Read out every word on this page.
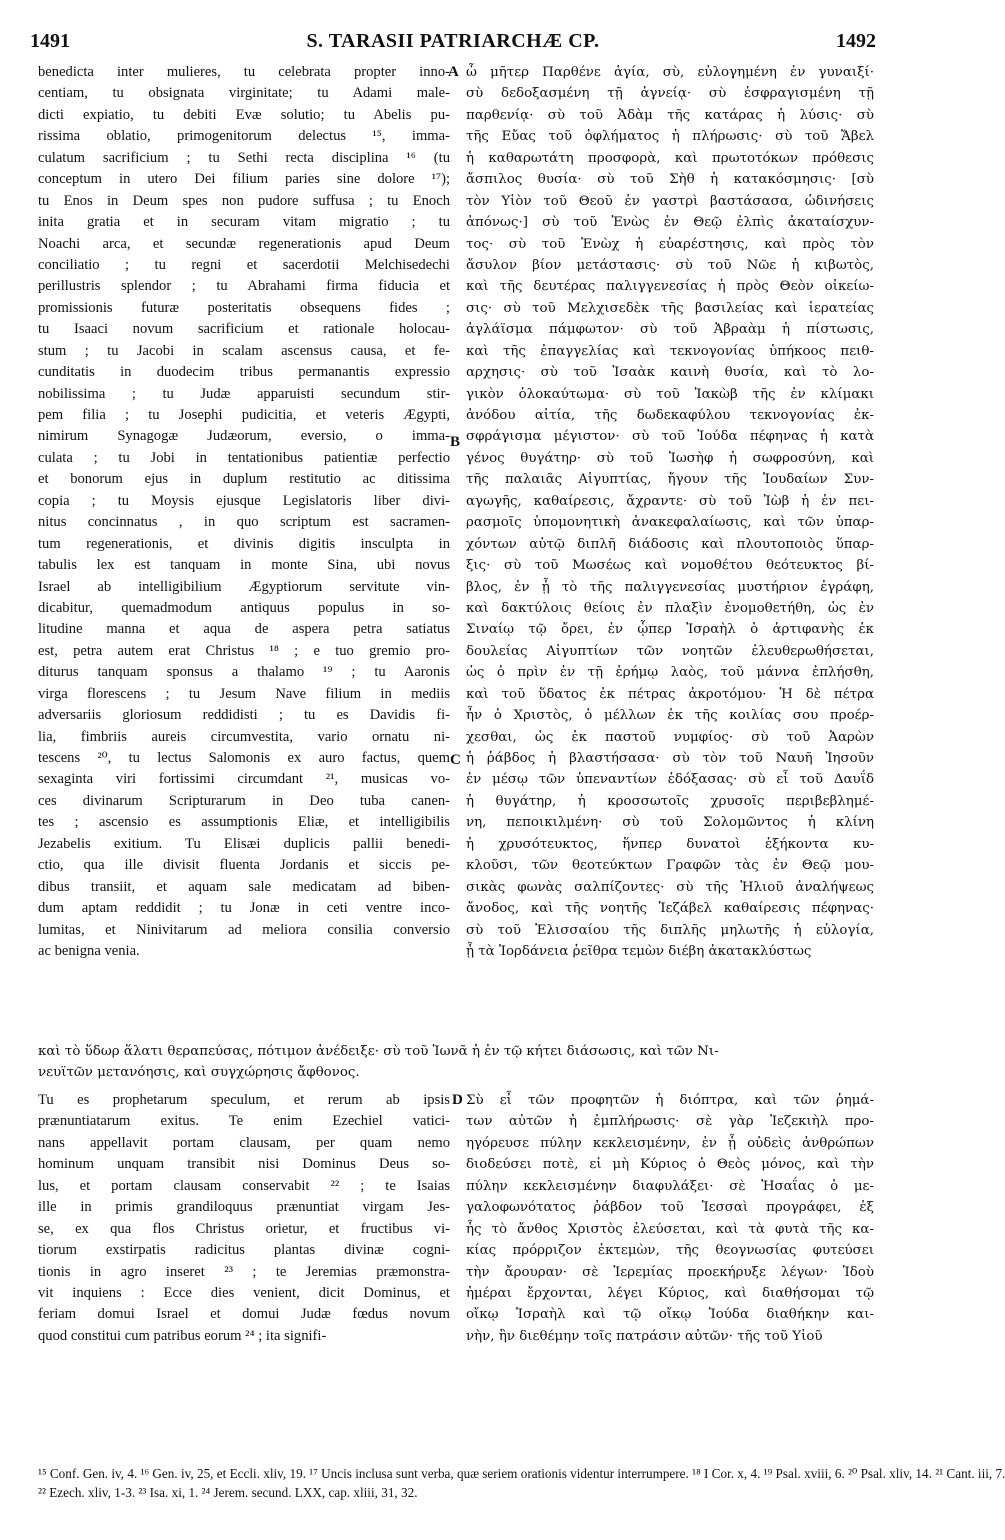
1491	S. TARASII PATRIARCHÆ CP.	1492
A
B
C
D
benedicta inter mulieres, tu celebrata propter inno-
centiam, tu obsignata virginitate; tu Adami male-
dicti expiatio, tu debiti Evæ solutio; tu Abelis pu-
rissima oblatio, primogenitorum delectus ¹⁵, imma-
culatum sacrificium ; tu Sethi recta disciplina ¹⁶ (tu
conceptum in utero Dei filium paries sine dolore ¹⁷);
tu Enos in Deum spes non pudore suffusa ; tu Enoch
inita gratia et in securam vitam migratio ; tu
Noachi arca, et secundæ regenerationis apud Deum
conciliatio ; tu regni et sacerdotii Melchisedechi
perillustris splendor ; tu Abrahami firma fiducia et
promissionis futuræ posteritatis obsequens fides ;
tu Isaaci novum sacrificium et rationale holocau-
stum ; tu Jacobi in scalam ascensus causa, et fe-
cunditatis in duodecim tribus permanantis expressio
nobilissima ; tu Judæ apparuisti secundum stir-
pem filia ; tu Josephi pudicitia, et veteris Ægypti,
nimirum Synagogæ Judæorum, eversio, o imma-
culata ; tu Jobi in tentationibus patientiæ perfectio
et bonorum ejus in duplum restitutio ac ditissima
copia ; tu Moysis ejusque Legislatoris liber divi-
nitus concinnatus , in quo scriptum est sacramen-
tum regenerationis, et divinis digitis insculpta in
tabulis lex est tanquam in monte Sina, ubi novus
Israel ab intelligibilium Ægyptiorum servitute vin-
dicabitur, quemadmodum antiquus populus in so-
litudine manna et aqua de aspera petra satiatus
est, petra autem erat Christus ¹⁸ ; e tuo gremio pro-
diturus tanquam sponsus a thalamo ¹⁹ ; tu Aaronis
virga florescens ; tu Jesum Nave filium in mediis
adversariis gloriosum reddidisti ; tu es Davidis fi-
lia, fimbriis aureis circumvestita, vario ornatu ni-
tescens ²⁰, tu lectus Salomonis ex auro factus, quem
sexaginta viri fortissimi circumdant ²¹, musicas vo-
ces divinarum Scripturarum in Deo tuba canen-
tes ; ascensio es assumptionis Eliæ, et intelligibilis
Jezabelis exitium. Tu Elisæi duplicis pallii benedi-
ctio, qua ille divisit fluenta Jordanis et siccis pe-
dibus transiit, et aquam sale medicatam ad biben-
dum aptam reddidit ; tu Jonæ in ceti ventre inco-
lumitas, et Ninivitarum ad meliora consilia conversio
ac benigna venia.
ὦ μῆτερ Παρθένε ἁγία, σὺ, εὐλογημένη ἐν γυναιξί·
σὺ δεδοξασμένη τῇ ἁγνείᾳ· σὺ ἐσφραγισμένη τῇ
παρθενίᾳ· σὺ τοῦ Ἀδὰμ τῆς κατάρας ἡ λύσις· σὺ
τῆς Εὔας τοῦ ὀφλήματος ἡ πλήρωσις· σὺ τοῦ Ἄβελ
ἡ καθαρωτάτη προσφορὰ, καὶ πρωτοτόκων πρόθεσις
ἄσπιλος θυσία· σὺ τοῦ Σὴθ ἡ κατακόσμησις· [σὺ
τὸν Υἱὸν τοῦ Θεοῦ ἐν γαστρὶ βαστάσασα, ὠδινήσεις
ἀπόνως·] σὺ τοῦ Ἐνὼς ἐν Θεῷ ἐλπὶς ἀκαταίσχυν-
τος· σὺ τοῦ Ἐνὼχ ἡ εὐαρέστησις, καὶ πρὸς τὸν
ἄσυλον βίον μετάστασις· σὺ τοῦ Νῶε ἡ κιβωτὸς,
καὶ τῆς δευτέρας παλιγγενεσίας ἡ πρὸς Θεὸν οἰκείω-
σις· σὺ τοῦ Μελχισεδὲκ τῆς βασιλείας καὶ ἱερατείας
ἀγλάϊσμα πάμφωτον· σὺ τοῦ Ἀβραὰμ ἡ πίστωσις,
καὶ τῆς ἐπαγγελίας καὶ τεκνογονίας ὑπήκοος πειθ-
αρχησις· σὺ τοῦ Ἰσαὰκ καινὴ θυσία, καὶ τὸ λο-
γικὸν ὁλοκαύτωμα· σὺ τοῦ Ἰακὼβ τῆς ἐν κλίμακι
ἀνόδου αἰτία, τῆς δωδεκαφύλου τεκνογονίας ἐκ-
σφράγισμα μέγιστον· σὺ τοῦ Ἰούδα πέφηνας ἡ κατὰ
γένος θυγάτηρ· σὺ τοῦ Ἰωσὴφ ἡ σωφροσύνη, καὶ
τῆς παλαιᾶς Αἰγυπτίας, ἤγουν τῆς Ἰουδαίων Συν-
αγωγῆς, καθαίρεσις, ἄχραντε· σὺ τοῦ Ἰὼβ ἡ ἐν πει-
ρασμοῖς ὑπομονητικὴ ἀνακεφαλαίωσις, καὶ τῶν ὑπαρ-
χόντων αὐτῷ διπλῆ διάδοσις καὶ πλουτοποιὸς ὕπαρ-
ξις· σὺ τοῦ Μωσέως καὶ νομοθέτου θεότευκτος βί-
βλος, ἐν ᾗ τὸ τῆς παλιγγενεσίας μυστήριον ἐγράφη,
καὶ δακτύλοις θείοις ἐν πλαξὶν ἐνομοθετήθη, ὡς ἐν
Σιναίῳ τῷ ὄρει, ἐν ᾧπερ Ἰσραὴλ ὁ ἀρτιφανὴς ἐκ
δουλείας Αἰγυπτίων τῶν νοητῶν ἐλευθερωθήσεται,
ὡς ὁ πρὶν ἐν τῇ ἐρήμῳ λαὸς, τοῦ μάννα ἐπλήσθη,
καὶ τοῦ ὕδατος ἐκ πέτρας ἀκροτόμου· Ἡ δὲ πέτρα
ἦν ὁ Χριστὸς, ὁ μέλλων ἐκ τῆς κοιλίας σου προέρ-
χεσθαι, ὡς ἐκ παστοῦ νυμφίος· σὺ τοῦ Ἀαρὼν
ἡ ῥάβδος ἡ βλαστήσασα· σὺ τὸν τοῦ Ναυῆ Ἰησοῦν
ἐν μέσῳ τῶν ὑπεναντίων ἐδόξασας· σὺ εἶ τοῦ Δαυΐδ
ἡ θυγάτηρ, ἡ κροσσωτοῖς χρυσοῖς περιβεβλημέ-
νη, πεποικιλμένη· σὺ τοῦ Σολομῶντος ἡ κλίνη
ἡ χρυσότευκτος, ἥνπερ δυνατοὶ ἑξήκοντα κυ-
κλοῦσι, τῶν θεοτεύκτων Γραφῶν τὰς ἐν Θεῷ μου-
σικὰς φωνὰς σαλπίζοντες· σὺ τῆς Ἡλιοῦ ἀναλήψεως
ἄνοδος, καὶ τῆς νοητῆς Ἰεζάβελ καθαίρεσις πέφηνας·
σὺ τοῦ Ἐλισσαίου τῆς διπλῆς μηλωτῆς ἡ εὐλογία,
ᾗ τὰ Ἰορδάνεια ῥεῖθρα τεμὼν διέβη ἀκατακλύστως
καὶ τὸ ὕδωρ ἅλατι θεραπεύσας, πότιμον ἀνέδειξε· σὺ τοῦ Ἰωνᾶ ἡ ἐν τῷ κήτει διάσωσις, καὶ τῶν Νι-
νευϊτῶν μετανόησις, καὶ συγχώρησις ἄφθονος.
Tu es prophetarum speculum, et rerum ab ipsis
prænuntiatarum exitus. Te enim Ezechiel vatici-
nans appellavit portam clausam, per quam nemo
hominum unquam transibit nisi Dominus Deus so-
lus, et portam clausam conservabit ²² ; te Isaias
ille in primis grandiloquus prænuntiat virgam Jes-
se, ex qua flos Christus orietur, et fructibus vi-
tiorum exstirpatis radicitus plantas divinæ cogni-
tionis in agro inseret ²³ ; te Jeremias præmonstra-
vit inquiens : Ecce dies venient, dicit Dominus, et
feriam domui Israel et domui Judæ fœdus novum
quod constitui cum patribus eorum ²⁴ ; ita signifi-
Σὺ εἶ τῶν προφητῶν ἡ διόπτρα, καὶ τῶν ῥημά-
των αὐτῶν ἡ ἐμπλήρωσις· σὲ γὰρ Ἰεζεκιὴλ προ-
ηγόρευσε πύλην κεκλεισμένην, ἐν ᾗ οὐδεὶς ἀνθρώπων
διοδεύσει ποτὲ, εἰ μὴ Κύριος ὁ Θεὸς μόνος, καὶ τὴν
πύλην κεκλεισμένην διαφυλάξει· σὲ Ἡσαΐας ὁ με-
γαλοφωνότατος ῥάβδον τοῦ Ἰεσσαὶ προγράφει, ἐξ
ἧς τὸ ἄνθος Χριστὸς ἐλεύσεται, καὶ τὰ φυτὰ τῆς κα-
κίας πρόρριζον ἐκτεμὼν, τῆς θεογνωσίας φυτεύσει
τὴν ἄρουραν· σὲ Ἱερεμίας προεκήρυξε λέγων· Ἰδοὺ
ἡμέραι ἔρχονται, λέγει Κύριος, καὶ διαθήσομαι τῷ
οἴκῳ Ἰσραὴλ καὶ τῷ οἴκῳ Ἰούδα διαθήκην και-
νὴν, ἣν διεθέμην τοῖς πατράσιν αὐτῶν· τῆς τοῦ Υἱοῦ
¹⁵ Conf. Gen. iv, 4. ¹⁶ Gen. iv, 25, et Eccli. xliv, 19. ¹⁷ Uncis inclusa sunt verba, quæ seriem orationis videntur interrumpere. ¹⁸ I Cor. x, 4. ¹⁹ Psal. xviii, 6. ²⁰ Psal. xliv, 14. ²¹ Cant. iii, 7.
²² Ezech. xliv, 1-3. ²³ Isa. xi, 1. ²⁴ Jerem. secund. LXX, cap. xliii, 31, 32.
